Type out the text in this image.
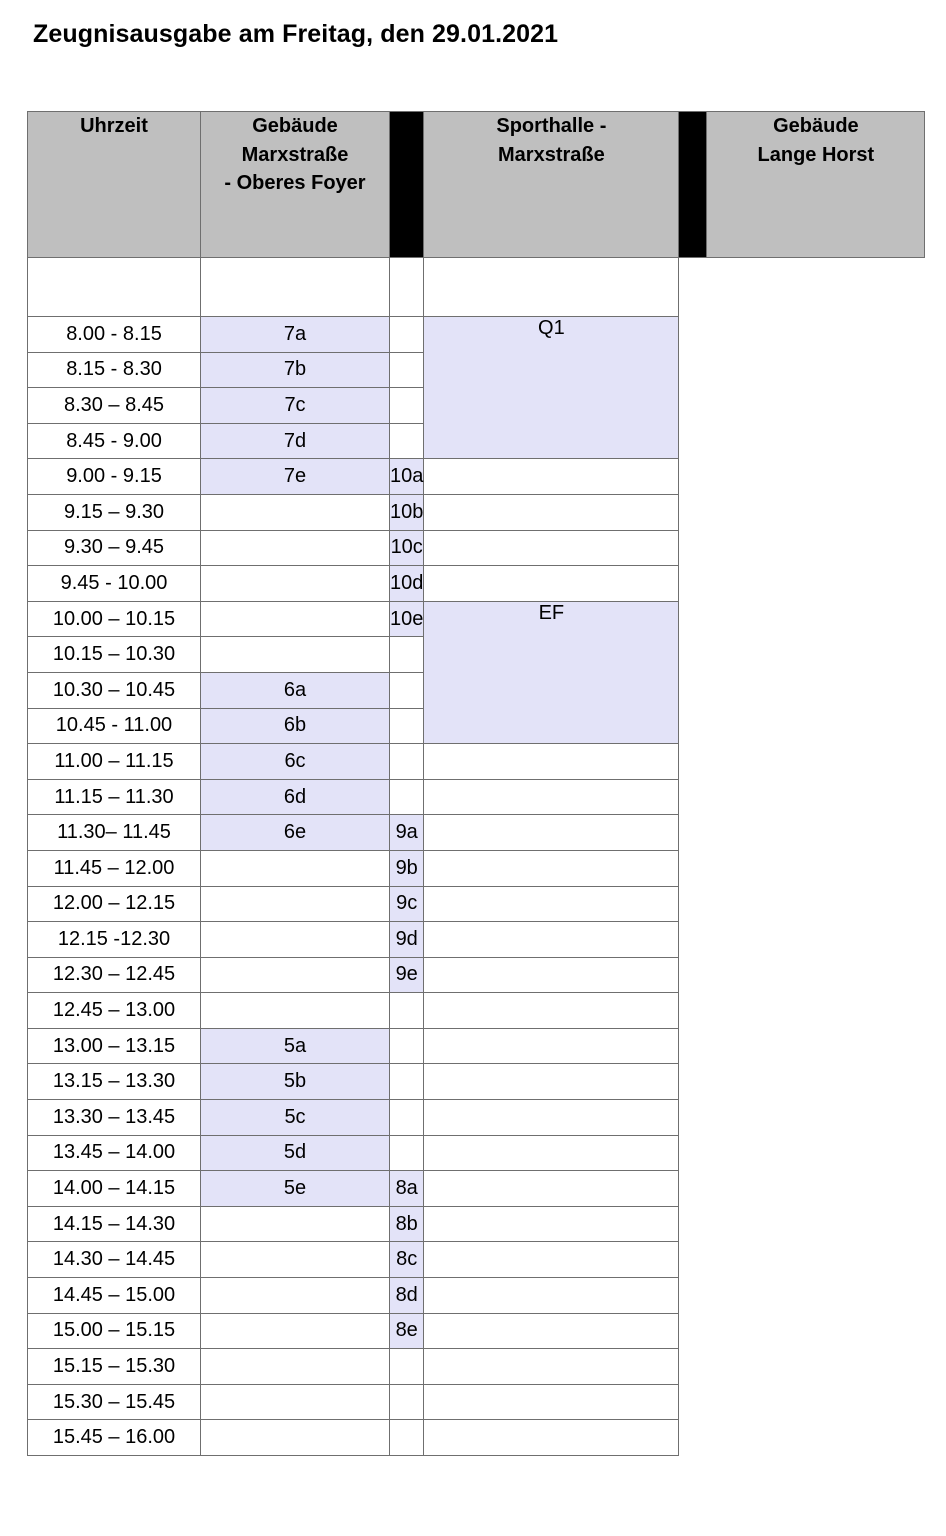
Zeugnisausgabe am Freitag, den 29.01.2021
Uhrzeit	Gebäude
Marxstraße
- Oberes Foyer		Sporthalle -
Marxstraße		Gebäude
Lange Horst

8.00 - 8.15	7a		Q1		
8.15 - 8.30	7b				
8.30 – 8.45	7c				
8.45 - 9.00	7d				
9.00 - 9.15	7e	10a			
9.15 – 9.30		10b			
9.30 – 9.45		10c			
9.45 - 10.00		10d			
10.00 – 10.15		10e	EF		
10.15 – 10.30					
10.30 – 10.45	6a				
10.45 - 11.00	6b				
11.00 – 11.15	6c				
11.15 – 11.30	6d				
11.30– 11.45	6e	9a			
11.45 – 12.00		9b			
12.00 – 12.15		9c			
12.15 -12.30		9d			
12.30 – 12.45		9e			
12.45 – 13.00					
13.00 – 13.15	5a				
13.15 – 13.30	5b				
13.30 – 13.45	5c				
13.45 – 14.00	5d				
14.00 – 14.15	5e	8a			
14.15 – 14.30		8b			
14.30 – 14.45		8c			
14.45 – 15.00		8d			
15.00 – 15.15		8e			
15.15 – 15.30					
15.30 – 15.45					
15.45 – 16.00					
